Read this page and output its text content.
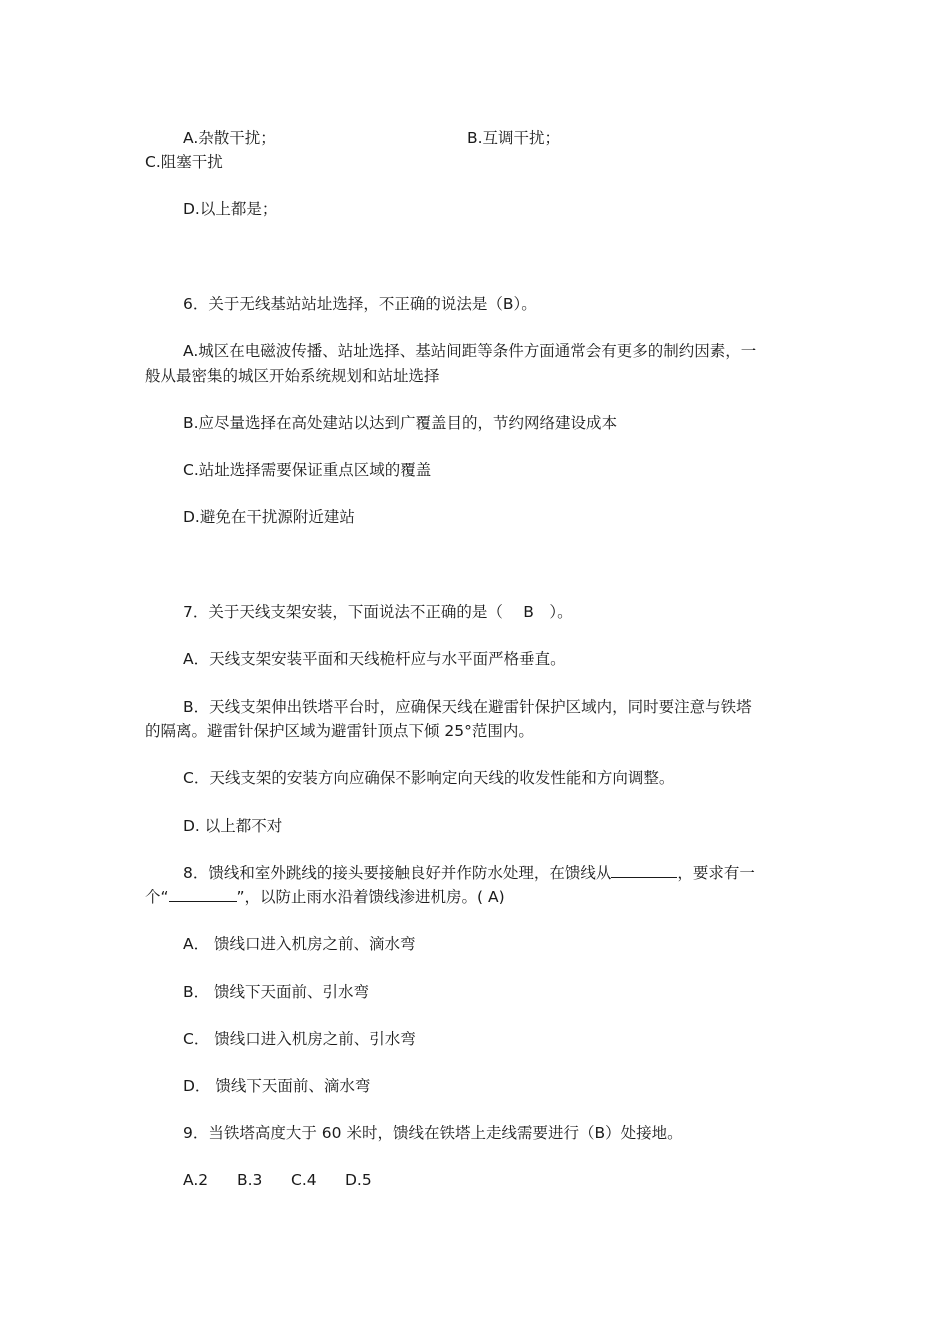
A.杂散干扰；	B.互调干扰；
C.阻塞干扰
D.以上都是；
6．关于无线基站站址选择，不正确的说法是（B）。
A.城区在电磁波传播、站址选择、基站间距等条件方面通常会有更多的制约因素，一
般从最密集的城区开始系统规划和站址选择
B.应尽量选择在高处建站以达到广覆盖目的，节约网络建设成本
C.站址选择需要保证重点区域的覆盖
D.避免在干扰源附近建站
7．关于天线支架安装，下面说法不正确的是（　 B　）。
A．天线支架安装平面和天线桅杆应与水平面严格垂直。
B．天线支架伸出铁塔平台时，应确保天线在避雷针保护区域内，同时要注意与铁塔
的隔离。避雷针保护区域为避雷针顶点下倾 25°范围内。
C．天线支架的安装方向应确保不影响定向天线的收发性能和方向调整。
D. 以上都不对
8．馈线和室外跳线的接头要接触良好并作防水处理，在馈线从	，要求有一
个“	”，以防止雨水沿着馈线渗进机房。( A)
A． 馈线口进入机房之前、滴水弯
B． 馈线下天面前、引水弯
C． 馈线口进入机房之前、引水弯
D． 馈线下天面前、滴水弯
9．当铁塔高度大于 60 米时，馈线在铁塔上走线需要进行（B）处接地。
A.2 B.3 C.4 D.5
